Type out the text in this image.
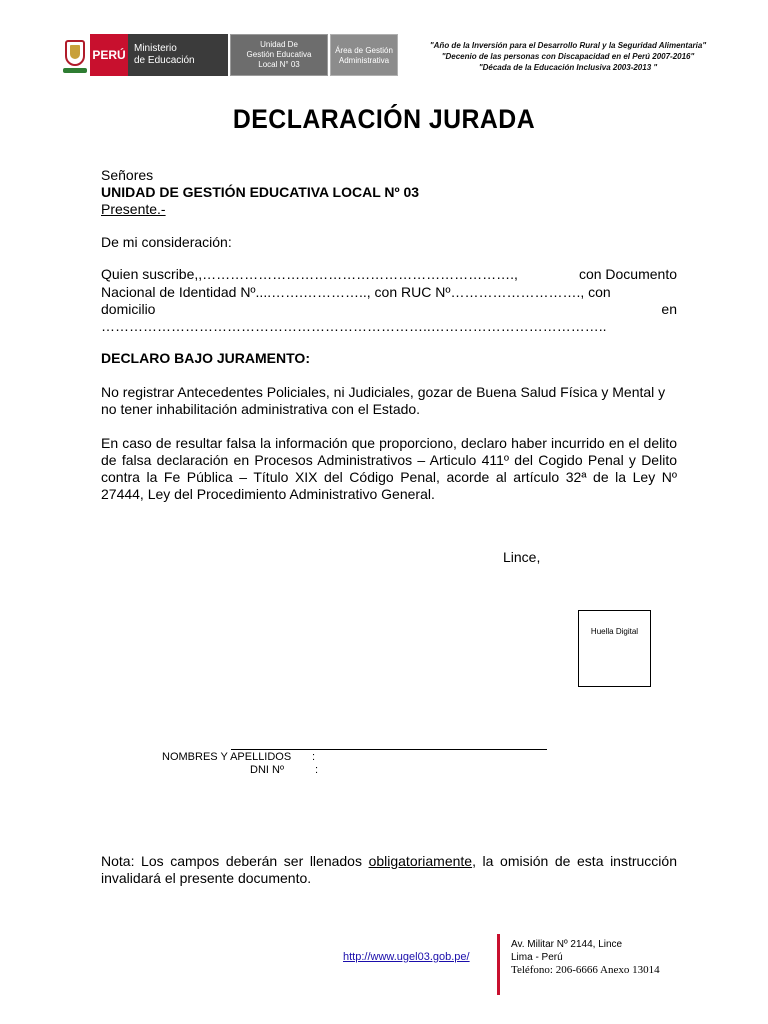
PERÚ Ministerio
de Educación
Unidad De
Gestión Educativa
Local N° 03
Área de Gestión
Administrativa
"Año de la Inversión para el Desarrollo Rural y la Seguridad Alimentaria"
"Decenio de las personas con Discapacidad en el Perú 2007-2016"
"Década de la Educación Inclusiva 2003-2013 "
DECLARACIÓN JURADA
Señores
UNIDAD DE GESTIÓN EDUCATIVA LOCAL Nº 03
Presente.-
De mi consideración:
Quien suscribe,,………………………………………………………….,	con Documento
Nacional de Identidad Nº....…….………….., con RUC Nº………………………., con
domicilio	en
……………………………………………………………..………………………………..
DECLARO BAJO JURAMENTO:
No registrar Antecedentes Policiales, ni Judiciales, gozar de Buena Salud Física y Mental y no tener inhabilitación administrativa con el Estado.
En caso de resultar falsa la información que proporciono, declaro haber incurrido en el delito de falsa declaración en Procesos Administrativos – Articulo 411º del Cogido Penal y Delito contra la Fe Pública – Título XIX del Código Penal, acorde al artículo 32ª de la Ley Nº 27444, Ley del Procedimiento Administrativo General.
Lince,
Huella Digital
NOMBRES Y APELLIDOS :
DNI Nº	:
Nota: Los campos deberán ser llenados obligatoriamente, la omisión de esta instrucción invalidará el presente documento.
http://www.ugel03.gob.pe/
Av. Militar Nº 2144, Lince
Lima - Perú
Teléfono: 206-6666 Anexo 13014
